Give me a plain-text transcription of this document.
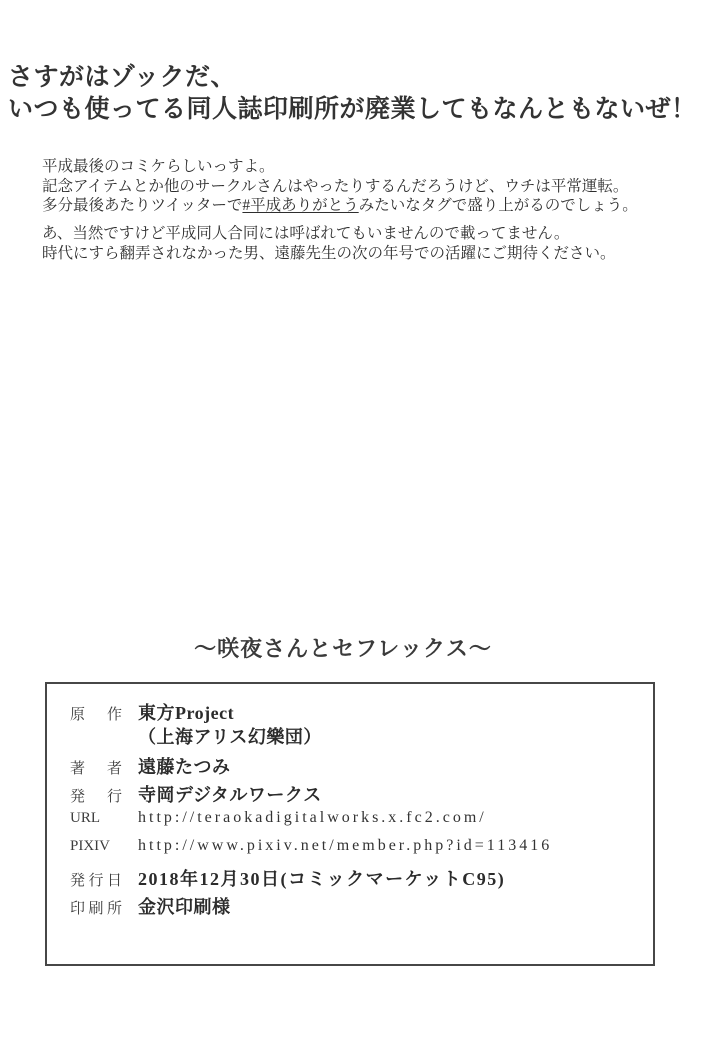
さすがはゾックだ、
いつも使ってる同人誌印刷所が廃業してもなんともないぜ！
平成最後のコミケらしいっすよ。
記念アイテムとか他のサークルさんはやったりするんだろうけど、ウチは平常運転。
多分最後あたりツイッターで#平成ありがとうみたいなタグで盛り上がるのでしょう。
あ、当然ですけど平成同人合同には呼ばれてもいませんので載ってません。
時代にすら翻弄されなかった男、遠藤先生の次の年号での活躍にご期待ください。
〜咲夜さんとセフレックス〜
原作 東方Project
（上海アリス幻樂団）
著者 遠藤たつみ
発行 寺岡デジタルワークス
URL	http://teraokadigitalworks.x.fc2.com/
PIXIV	http://www.pixiv.net/member.php?id=113416
発行日 2018年12月30日(コミックマーケットC95)
印刷所 金沢印刷様
